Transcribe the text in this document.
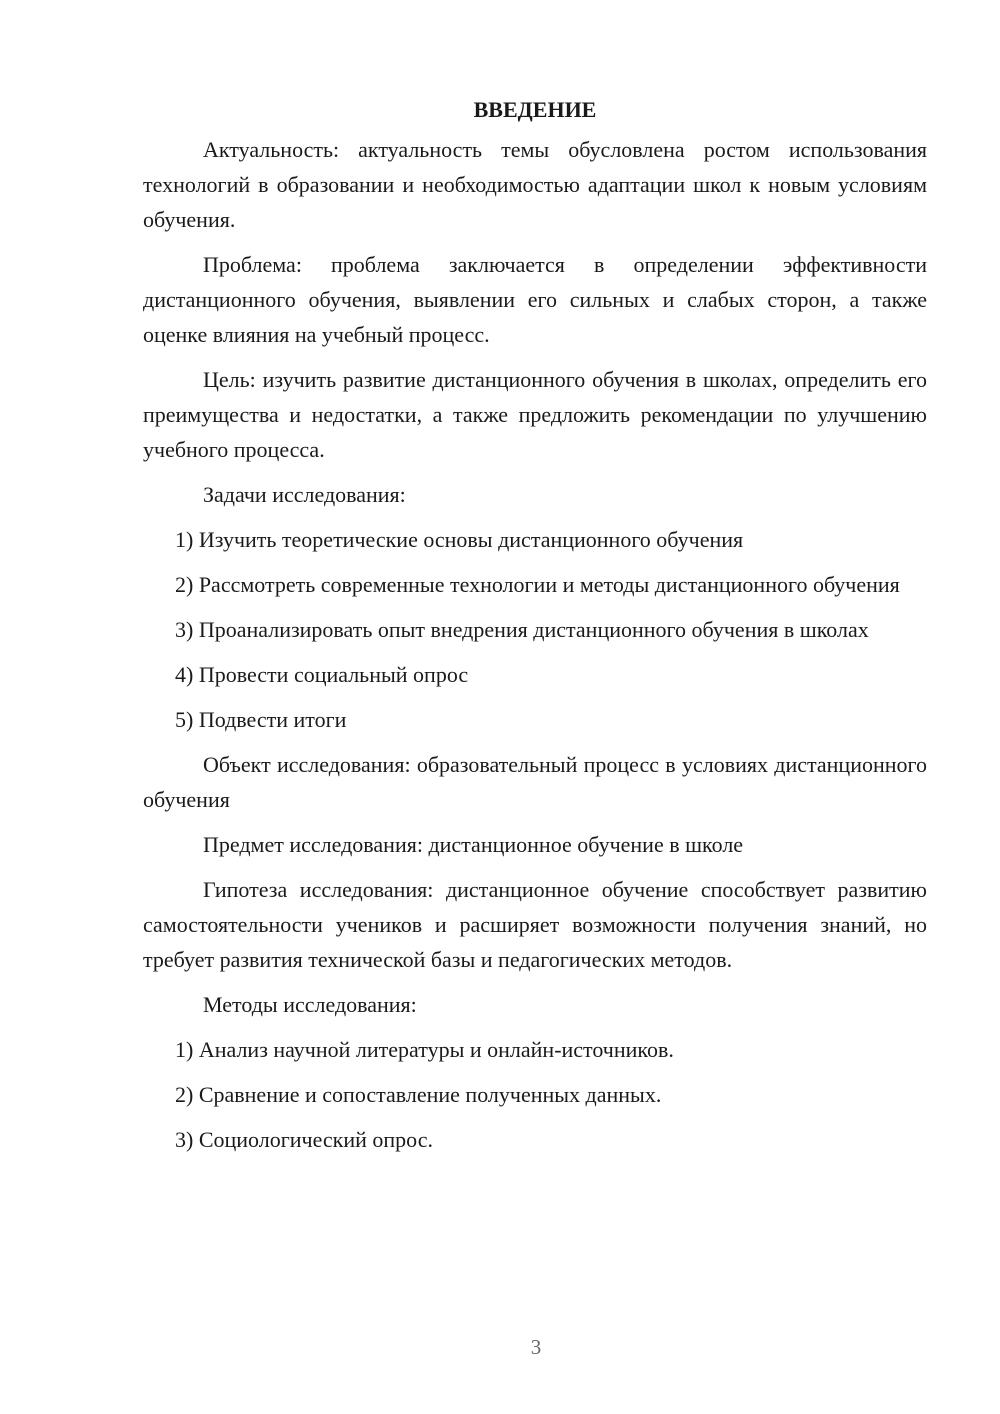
ВВЕДЕНИЕ

Актуальность: актуальность темы обусловлена ростом использования технологий в образовании и необходимостью адаптации школ к новым условиям обучения.

Проблема: проблема заключается в определении эффективности дистанционного обучения, выявлении его сильных и слабых сторон, а также оценке влияния на учебный процесс.

Цель: изучить развитие дистанционного обучения в школах, определить его преимущества и недостатки, а также предложить рекомендации по улучшению учебного процесса.

Задачи исследования:

1) Изучить теоретические основы дистанционного обучения

2) Рассмотреть современные технологии и методы дистанционного обучения

3) Проанализировать опыт внедрения дистанционного обучения в школах

4) Провести социальный опрос

5) Подвести итоги

Объект исследования: образовательный процесс в условиях дистанционного обучения

Предмет исследования: дистанционное обучение в школе

Гипотеза исследования: дистанционное обучение способствует развитию самостоятельности учеников и расширяет возможности получения знаний, но требует развития технической базы и педагогических методов.

Методы исследования:

1) Анализ научной литературы и онлайн-источников.

2) Сравнение и сопоставление полученных данных.

3) Социологический опрос.

3
